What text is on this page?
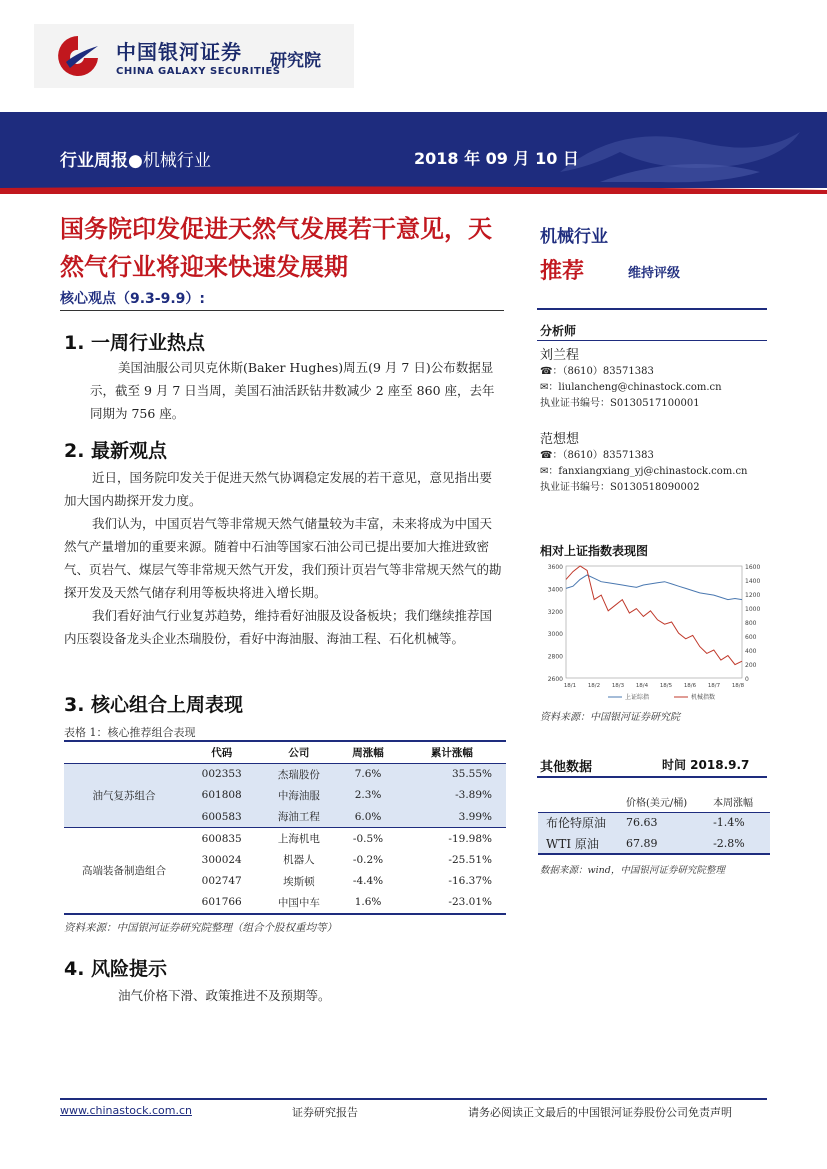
中国银河证券
CHINA GALAXY SECURITIES
研究院
行业周报●机械行业	2018 年 09 月 10 日
国务院印发促进天然气发展若干意见，天然气行业将迎来快速发展期
核心观点（9.3-9.9）:
1. 一周行业热点

美国油服公司贝克休斯(Baker Hughes)周五(9 月 7 日)公布数据显示，截至 9 月 7 日当周，美国石油活跃钻井数减少 2 座至 860 座，去年同期为 756 座。

2. 最新观点

近日，国务院印发关于促进天然气协调稳定发展的若干意见，意见指出要加大国内勘探开发力度。

我们认为，中国页岩气等非常规天然气储量较为丰富，未来将成为中国天然气产量增加的重要来源。随着中石油等国家石油公司已提出要加大推进致密气、页岩气、煤层气等非常规天然气开发，我们预计页岩气等非常规天然气的勘探开发及天然气储存利用等板块将进入增长期。

我们看好油气行业复苏趋势，维持看好油服及设备板块；我们继续推荐国内压裂设备龙头企业杰瑞股份，看好中海油服、海油工程、石化机械等。

3. 核心组合上周表现
表格 1：核心推荐组合表现
	代码	公司	周涨幅	累计涨幅
油气复苏组合	002353	杰瑞股份	7.6%	35.55%
	601808	中海油服	2.3%	-3.89%
	600583	海油工程	6.0%	3.99%
高端装备制造组合	600835	上海机电	-0.5%	-19.98%
	300024	机器人	-0.2%	-25.51%
	002747	埃斯顿	-4.4%	-16.37%
	601766	中国中车	1.6%	-23.01%
资料来源：中国银河证券研究院整理（组合个股权重均等）
4. 风险提示

油气价格下滑、政策推进不及预期等。

机械行业
推荐	维持评级
分析师
刘兰程
☎：（8610）83571383
✉：liulancheng@chinastock.com.cn
执业证书编号：S0130517100001
范想想
☎：（8610）83571383
✉：fanxiangxiang_yj@chinastock.com.cn
执业证书编号：S0130518090002
相对上证指数表现图
3600
3400
3200
3000
2800
2600
1600
1400
1200
1000
800
600
400
200
0
18/1 18/2 18/3 18/4 18/5 18/6 18/7 18/8
上证综指	机械指数
资料来源：中国银河证券研究院
其他数据	时间 2018.9.7
	价格(美元/桶)	本周涨幅
布伦特原油	76.63	-1.4%
WTI 原油	67.89	-2.8%
数据来源：wind，中国银河证券研究院整理
www.chinastock.com.cn	证券研究报告	请务必阅读正文最后的中国银河证券股份公司免责声明
